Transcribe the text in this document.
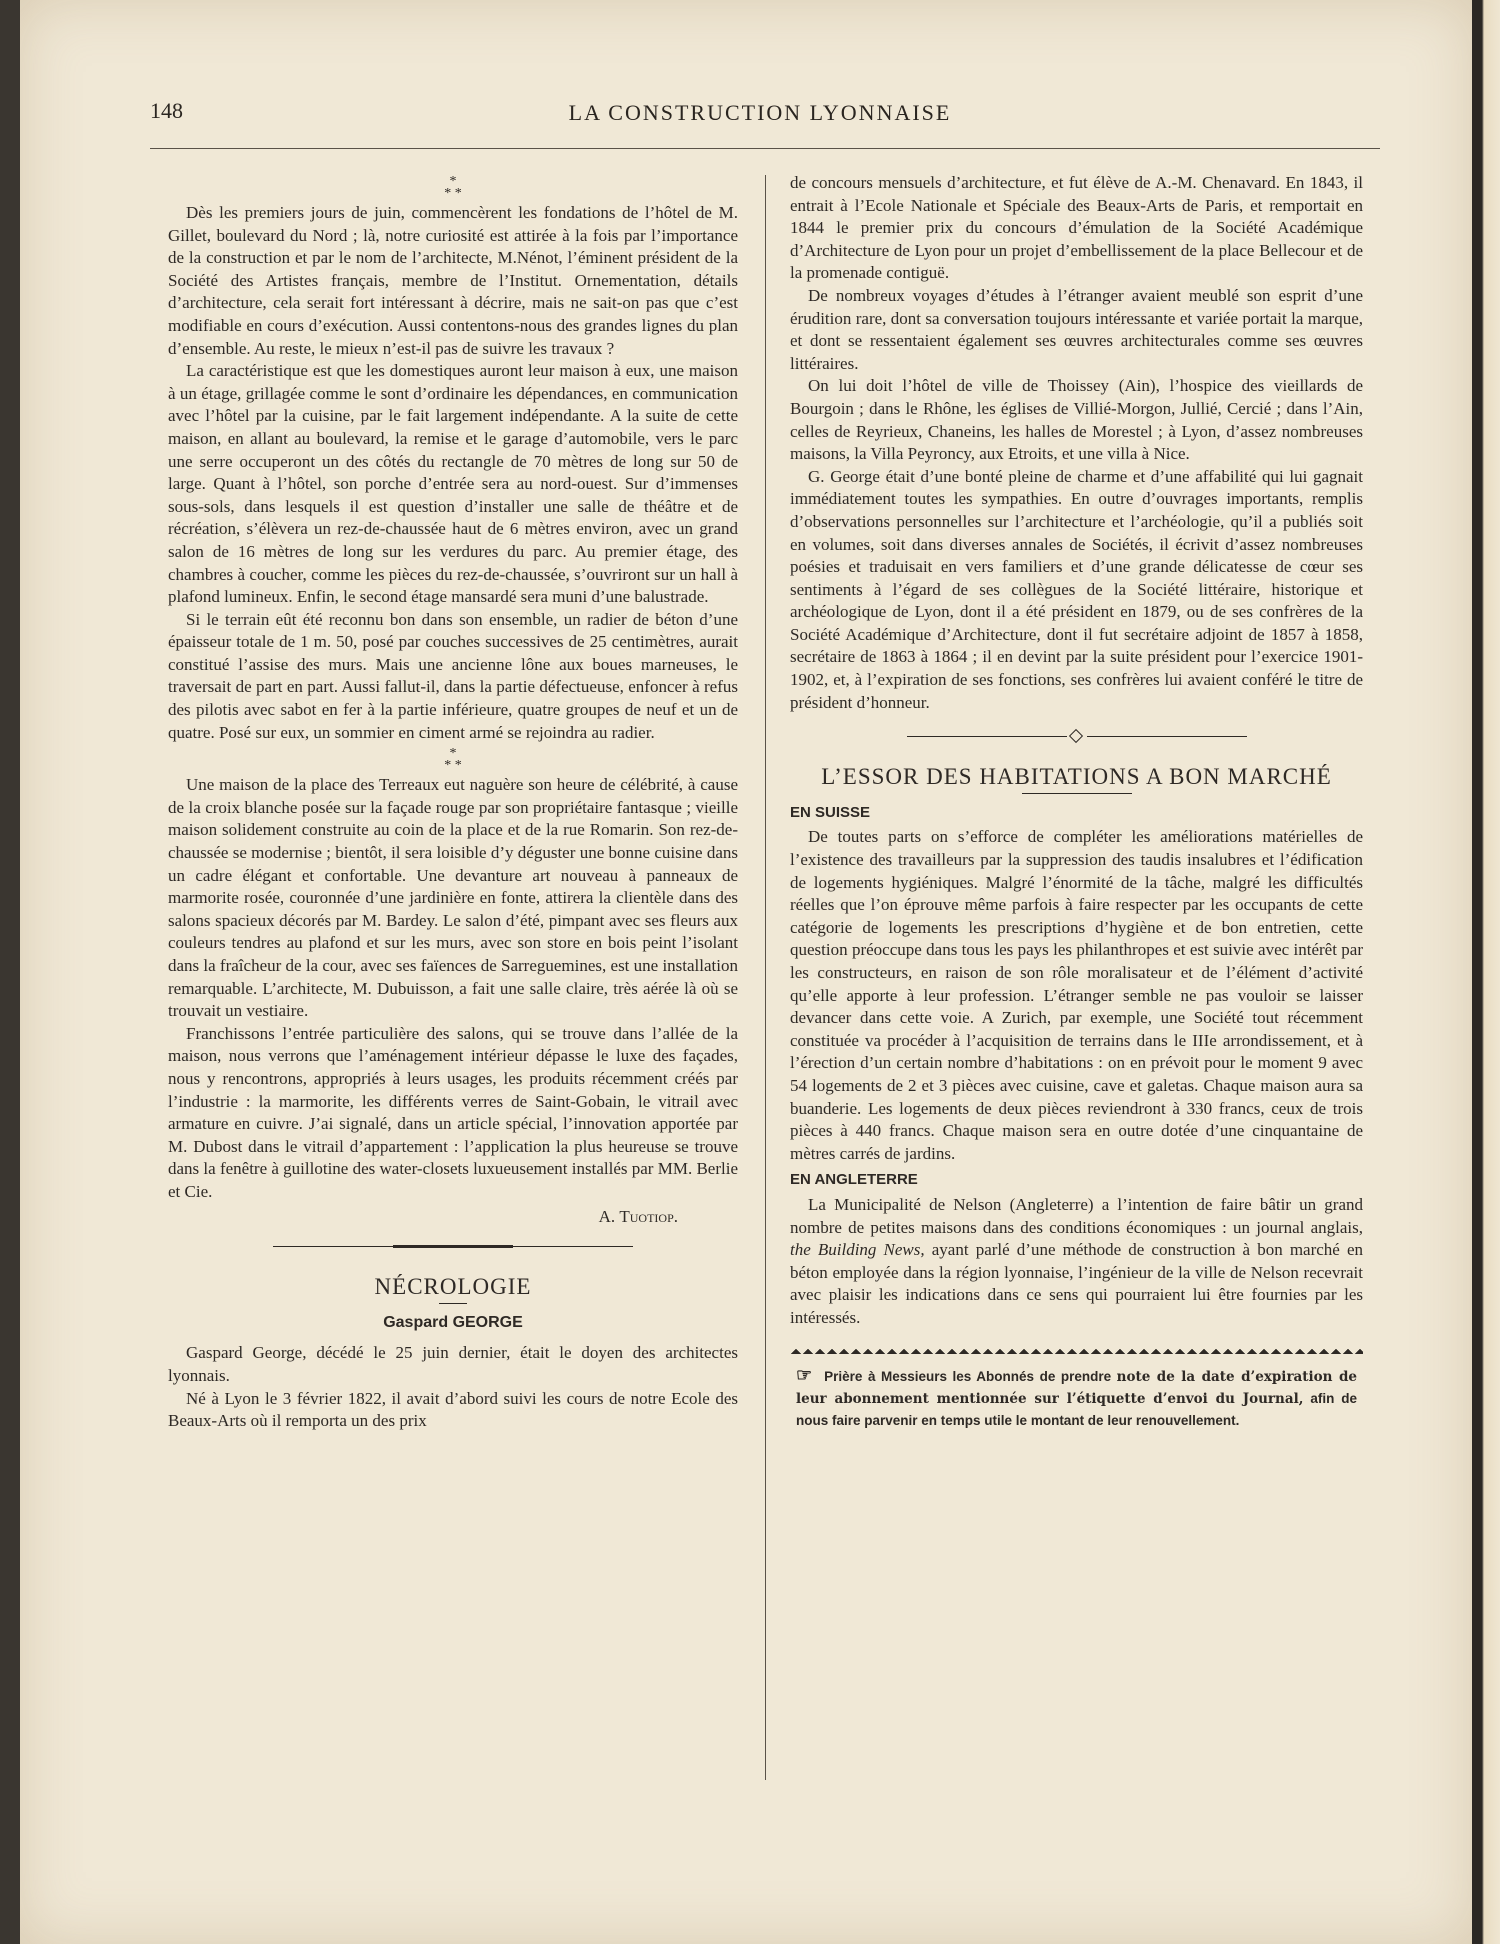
148	LA CONSTRUCTION LYONNAISE
*
* *

Dès les premiers jours de juin, commencèrent les fondations de l’hôtel de M. Gillet, boulevard du Nord ; là, notre curiosité est attirée à la fois par l’importance de la construction et par le nom de l’architecte, M.Nénot, l’éminent président de la Société des Artistes français, membre de l’Institut. Ornementation, détails d’architecture, cela serait fort intéressant à décrire, mais ne sait-on pas que c’est modifiable en cours d’exécution. Aussi contentons-nous des grandes lignes du plan d’ensemble. Au reste, le mieux n’est-il pas de suivre les travaux ?

La caractéristique est que les domestiques auront leur maison à eux, une maison à un étage, grillagée comme le sont d’ordinaire les dépendances, en communication avec l’hôtel par la cuisine, par le fait largement indépendante. A la suite de cette maison, en allant au boulevard, la remise et le garage d’automobile, vers le parc une serre occuperont un des côtés du rectangle de 70 mètres de long sur 50 de large. Quant à l’hôtel, son porche d’entrée sera au nord-ouest. Sur d’immenses sous-sols, dans lesquels il est question d’installer une salle de théâtre et de récréation, s’élèvera un rez-de-chaussée haut de 6 mètres environ, avec un grand salon de 16 mètres de long sur les verdures du parc. Au premier étage, des chambres à coucher, comme les pièces du rez-de-chaussée, s’ouvriront sur un hall à plafond lumineux. Enfin, le second étage mansardé sera muni d’une balustrade.

Si le terrain eût été reconnu bon dans son ensemble, un radier de béton d’une épaisseur totale de 1 m. 50, posé par couches successives de 25 centimètres, aurait constitué l’assise des murs. Mais une ancienne lône aux boues marneuses, le traversait de part en part. Aussi fallut-il, dans la partie défectueuse, enfoncer à refus des pilotis avec sabot en fer à la partie inférieure, quatre groupes de neuf et un de quatre. Posé sur eux, un sommier en ciment armé se rejoindra au radier.

*
* *

Une maison de la place des Terreaux eut naguère son heure de célébrité, à cause de la croix blanche posée sur la façade rouge par son propriétaire fantasque ; vieille maison solidement construite au coin de la place et de la rue Romarin. Son rez-de-chaussée se modernise ; bientôt, il sera loisible d’y déguster une bonne cuisine dans un cadre élégant et confortable. Une devanture art nouveau à panneaux de marmorite rosée, couronnée d’une jardinière en fonte, attirera la clientèle dans des salons spacieux décorés par M. Bardey. Le salon d’été, pimpant avec ses fleurs aux couleurs tendres au plafond et sur les murs, avec son store en bois peint l’isolant dans la fraîcheur de la cour, avec ses faïences de Sarreguemines, est une installation remarquable. L’architecte, M. Dubuisson, a fait une salle claire, très aérée là où se trouvait un vestiaire.

Franchissons l’entrée particulière des salons, qui se trouve dans l’allée de la maison, nous verrons que l’aménagement intérieur dépasse le luxe des façades, nous y rencontrons, appropriés à leurs usages, les produits récemment créés par l’industrie : la marmorite, les différents verres de Saint-Gobain, le vitrail avec armature en cuivre. J’ai signalé, dans un article spécial, l’innovation apportée par M. Dubost dans le vitrail d’appartement : l’application la plus heureuse se trouve dans la fenêtre à guillotine des water-closets luxueusement installés par MM. Berlie et Cie.

A. Tuotiop.
NÉCROLOGIE
Gaspard GEORGE

Gaspard George, décédé le 25 juin dernier, était le doyen des architectes lyonnais.

Né à Lyon le 3 février 1822, il avait d’abord suivi les cours de notre Ecole des Beaux-Arts où il remporta un des prix

de concours mensuels d’architecture, et fut élève de A.-M. Chenavard. En 1843, il entrait à l’Ecole Nationale et Spéciale des Beaux-Arts de Paris, et remportait en 1844 le premier prix du concours d’émulation de la Société Académique d’Architecture de Lyon pour un projet d’embellissement de la place Bellecour et de la promenade contiguë.

De nombreux voyages d’études à l’étranger avaient meublé son esprit d’une érudition rare, dont sa conversation toujours intéressante et variée portait la marque, et dont se ressentaient également ses œuvres architecturales comme ses œuvres littéraires.

On lui doit l’hôtel de ville de Thoissey (Ain), l’hospice des vieillards de Bourgoin ; dans le Rhône, les églises de Villié-Morgon, Jullié, Cercié ; dans l’Ain, celles de Reyrieux, Chaneins, les halles de Morestel ; à Lyon, d’assez nombreuses maisons, la Villa Peyroncy, aux Etroits, et une villa à Nice.

G. George était d’une bonté pleine de charme et d’une affabilité qui lui gagnait immédiatement toutes les sympathies. En outre d’ouvrages importants, remplis d’observations personnelles sur l’architecture et l’archéologie, qu’il a publiés soit en volumes, soit dans diverses annales de Sociétés, il écrivit d’assez nombreuses poésies et traduisait en vers familiers et d’une grande délicatesse de cœur ses sentiments à l’égard de ses collègues de la Société littéraire, historique et archéologique de Lyon, dont il a été président en 1879, ou de ses confrères de la Société Académique d’Architecture, dont il fut secrétaire adjoint de 1857 à 1858, secrétaire de 1863 à 1864 ; il en devint par la suite président pour l’exercice 1901-1902, et, à l’expiration de ses fonctions, ses confrères lui avaient conféré le titre de président d’honneur.

L’ESSOR DES HABITATIONS A BON MARCHÉ
EN SUISSE

De toutes parts on s’efforce de compléter les améliorations matérielles de l’existence des travailleurs par la suppression des taudis insalubres et l’édification de logements hygiéniques. Malgré l’énormité de la tâche, malgré les difficultés réelles que l’on éprouve même parfois à faire respecter par les occupants de cette catégorie de logements les prescriptions d’hygiène et de bon entretien, cette question préoccupe dans tous les pays les philanthropes et est suivie avec intérêt par les constructeurs, en raison de son rôle moralisateur et de l’élément d’activité qu’elle apporte à leur profession. L’étranger semble ne pas vouloir se laisser devancer dans cette voie. A Zurich, par exemple, une Société tout récemment constituée va procéder à l’acquisition de terrains dans le IIIe arrondissement, et à l’érection d’un certain nombre d’habitations : on en prévoit pour le moment 9 avec 54 logements de 2 et 3 pièces avec cuisine, cave et galetas. Chaque maison aura sa buanderie. Les logements de deux pièces reviendront à 330 francs, ceux de trois pièces à 440 francs. Chaque maison sera en outre dotée d’une cinquantaine de mètres carrés de jardins.

EN ANGLETERRE

La Municipalité de Nelson (Angleterre) a l’intention de faire bâtir un grand nombre de petites maisons dans des conditions économiques : un journal anglais, the Building News, ayant parlé d’une méthode de construction à bon marché en béton employée dans la région lyonnaise, l’ingénieur de la ville de Nelson recevrait avec plaisir les indications dans ce sens qui pourraient lui être fournies par les intéressés.

☞ Prière à Messieurs les Abonnés de prendre note de la date d’expiration de leur abonnement mentionnée sur l’étiquette d’envoi du Journal, afin de nous faire parvenir en temps utile le montant de leur renouvellement.
